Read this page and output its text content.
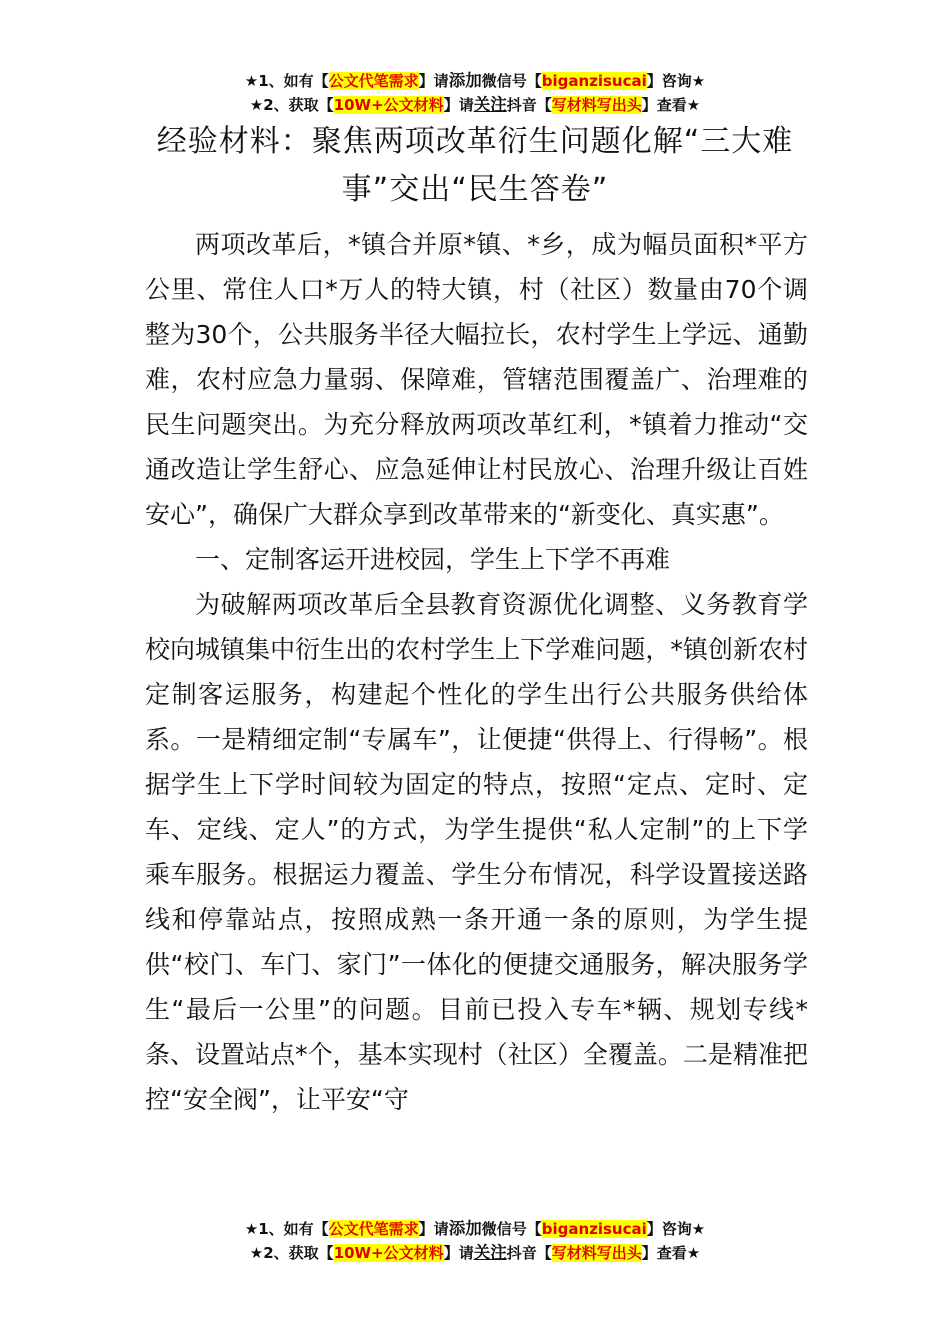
★1、如有【公文代笔需求】请添加微信号【biganzisucai】咨询★
★2、获取【10W+公文材料】请关注抖音【写材料写出头】查看★
经验材料：聚焦两项改革衍生问题化解“三大难事”交出“民生答卷”

两项改革后，*镇合并原*镇、*乡，成为幅员面积*平方公里、常住人口*万人的特大镇，村（社区）数量由70个调整为30个，公共服务半径大幅拉长，农村学生上学远、通勤难，农村应急力量弱、保障难，管辖范围覆盖广、治理难的民生问题突出。为充分释放两项改革红利，*镇着力推动“交通改造让学生舒心、应急延伸让村民放心、治理升级让百姓安心”，确保广大群众享到改革带来的“新变化、真实惠”。

一、定制客运开进校园，学生上下学不再难

为破解两项改革后全县教育资源优化调整、义务教育学校向城镇集中衍生出的农村学生上下学难问题，*镇创新农村定制客运服务，构建起个性化的学生出行公共服务供给体系。一是精细定制“专属车”，让便捷“供得上、行得畅”。根据学生上下学时间较为固定的特点，按照“定点、定时、定车、定线、定人”的方式，为学生提供“私人定制”的上下学乘车服务。根据运力覆盖、学生分布情况，科学设置接送路线和停靠站点，按照成熟一条开通一条的原则，为学生提供“校门、车门、家门”一体化的便捷交通服务，解决服务学生“最后一公里”的问题。目前已投入专车*辆、规划专线*条、设置站点*个，基本实现村（社区）全覆盖。二是精准把控“安全阀”，让平安“守

★1、如有【公文代笔需求】请添加微信号【biganzisucai】咨询★
★2、获取【10W+公文材料】请关注抖音【写材料写出头】查看★
